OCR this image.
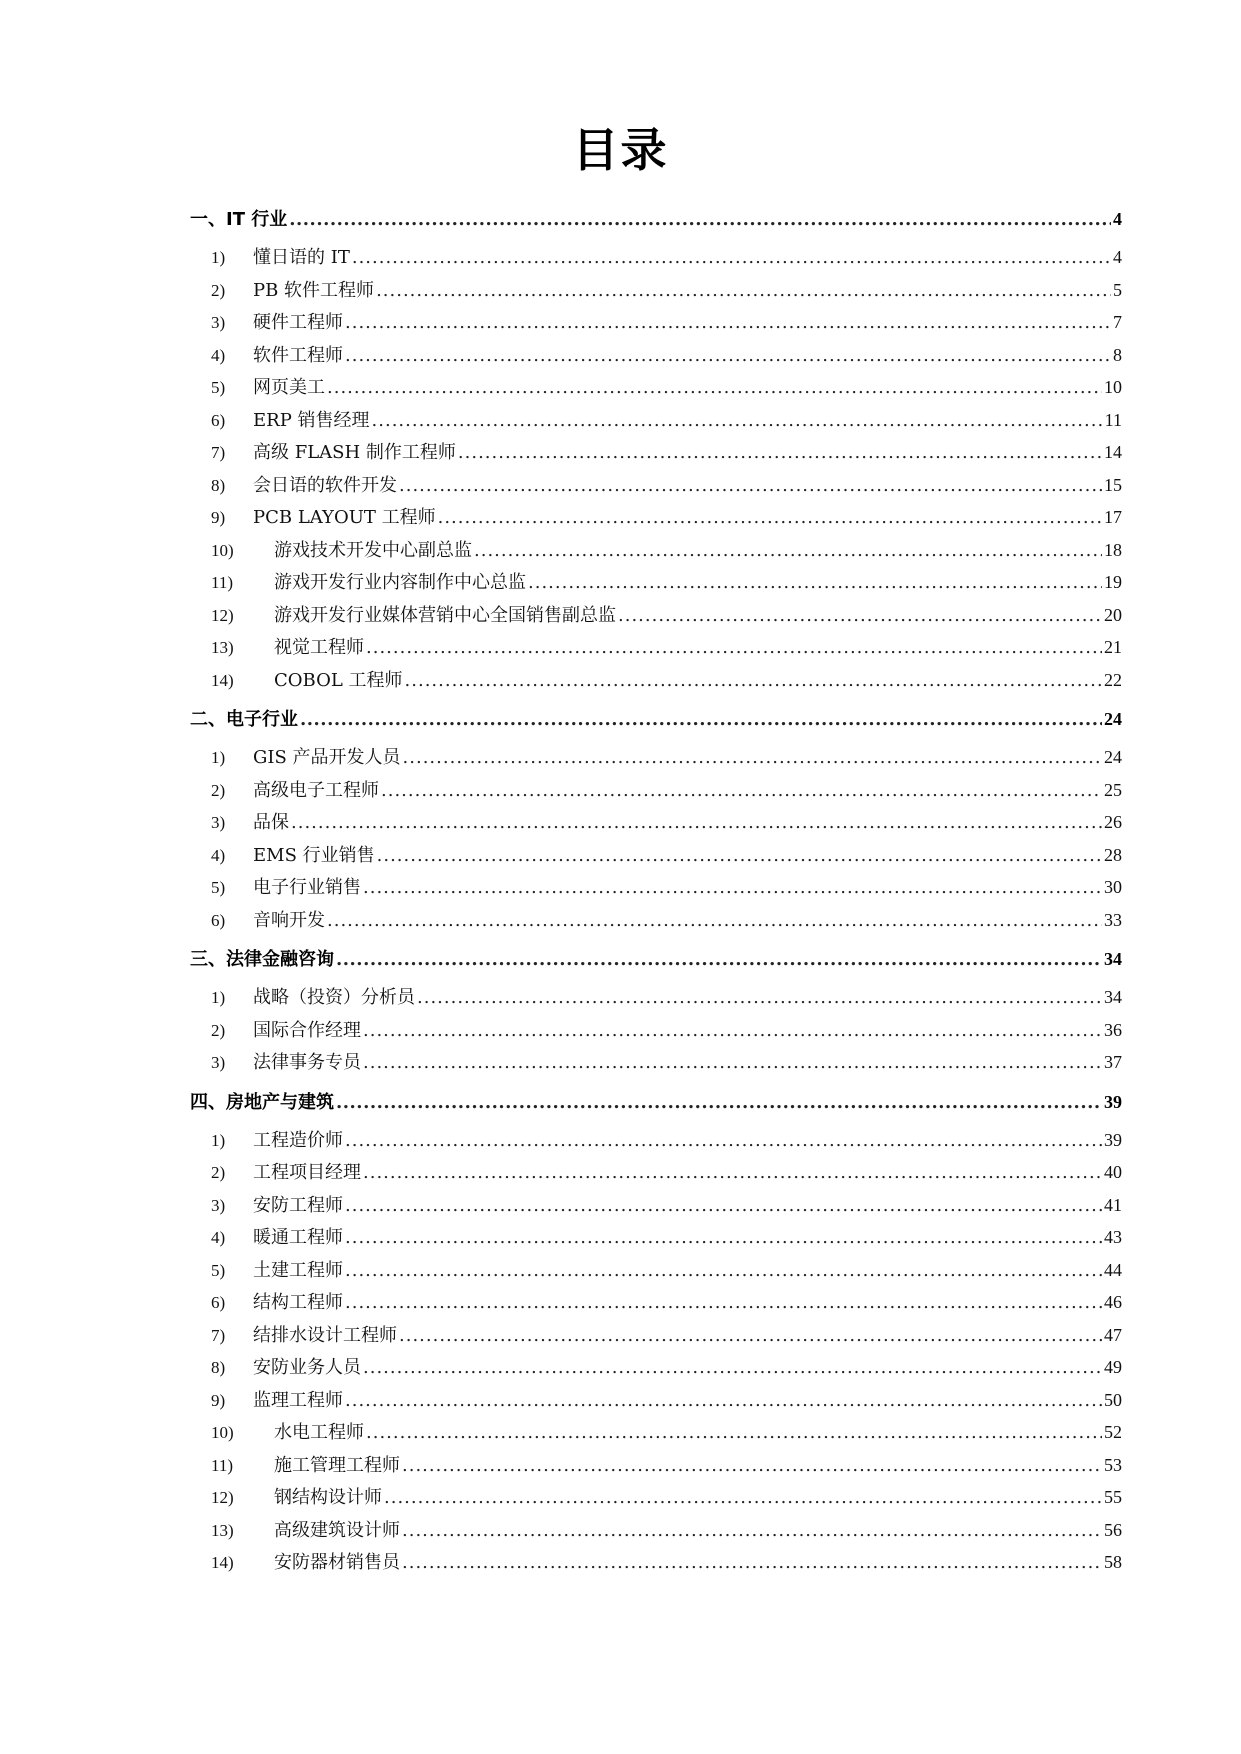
目录
一、IT 行业 .....	4
1)	懂日语的 IT .....	4
2)	PB 软件工程师 .....	5
3)	硬件工程师 .....	7
4)	软件工程师 .....	8
5)	网页美工 .....	10
6)	ERP 销售经理 .....	11
7)	高级 FLASH 制作工程师 .....	14
8)	会日语的软件开发 .....	15
9)	PCB LAYOUT 工程师 .....	17
10)	游戏技术开发中心副总监 .....	18
11)	游戏开发行业内容制作中心总监 .....	19
12)	游戏开发行业媒体营销中心全国销售副总监 .....	20
13)	视觉工程师 .....	21
14)	COBOL 工程师 .....	22
二、电子行业 .....	24
1)	GIS 产品开发人员 .....	24
2)	高级电子工程师 .....	25
3)	品保 .....	26
4)	EMS 行业销售 .....	28
5)	电子行业销售 .....	30
6)	音响开发 .....	33
三、法律金融咨询 .....	34
1)	战略（投资）分析员 .....	34
2)	国际合作经理 .....	36
3)	法律事务专员 .....	37
四、房地产与建筑 .....	39
1)	工程造价师 .....	39
2)	工程项目经理 .....	40
3)	安防工程师 .....	41
4)	暖通工程师 .....	43
5)	土建工程师 .....	44
6)	结构工程师 .....	46
7)	结排水设计工程师 .....	47
8)	安防业务人员 .....	49
9)	监理工程师 .....	50
10)	水电工程师 .....	52
11)	施工管理工程师 .....	53
12)	钢结构设计师 .....	55
13)	高级建筑设计师 .....	56
14)	安防器材销售员 .....	58
